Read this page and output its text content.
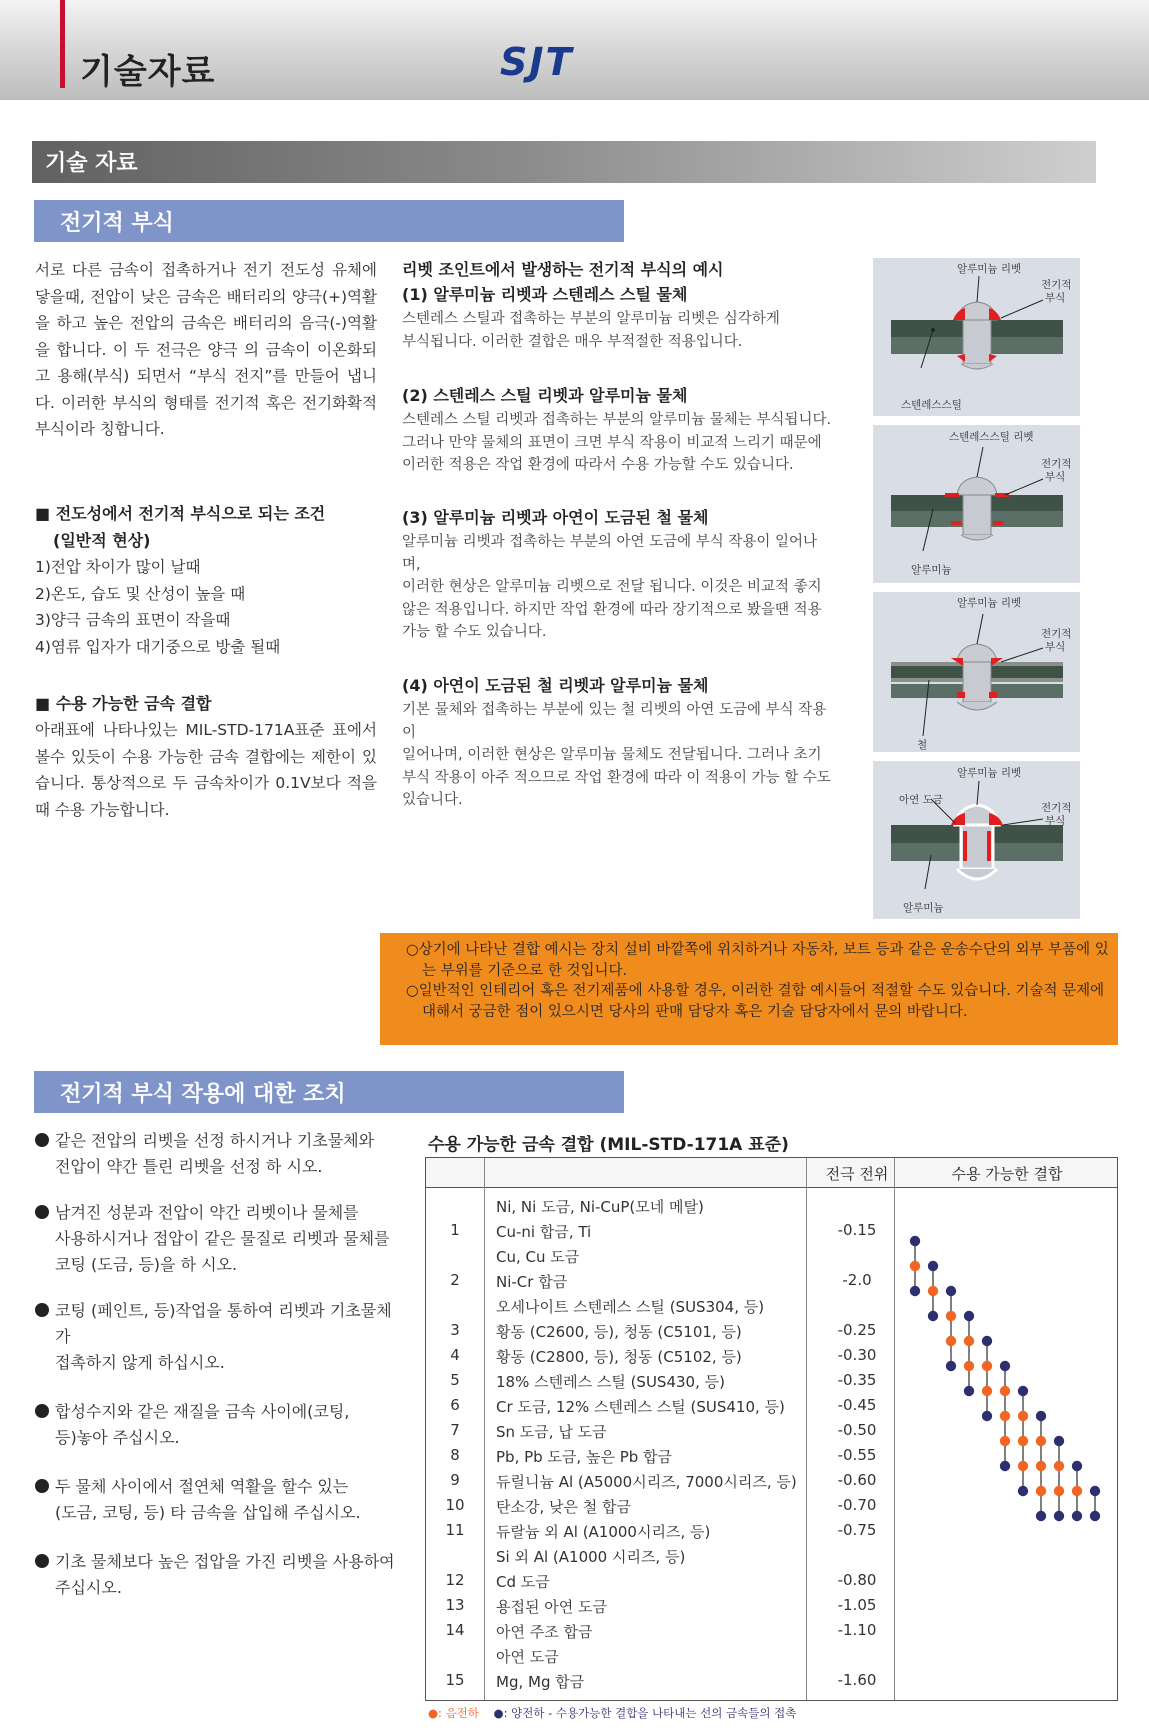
기술자료	SJT
기술 자료
전기적 부식
서로 다른 금속이 접촉하거나 전기 전도성 유체에 닿을때, 전압이 낮은 금속은 배터리의 양극(+)역활을 하고 높은 전압의 금속은 배터리의 음극(-)역활을 합니다. 이 두 전극은 양극 의 금속이 이온화되고 용해(부식) 되면서 “부식 전지”를 만들어 냅니다. 이러한 부식의 형태를 전기적 혹은 전기화확적 부식이라 칭합니다.
■ 전도성에서 전기적 부식으로 되는 조건
(일반적 현상)
1)전압 차이가 많이 날때
2)온도, 습도 및 산성이 높을 때
3)양극 금속의 표면이 작을때
4)염류 입자가 대기중으로 방출 될때
■ 수용 가능한 금속 결합
아래표에 나타나있는 MIL-STD-171A표준 표에서 볼수 있듯이 수용 가능한 금속 결합에는 제한이 있습니다. 통상적으로 두 금속차이가 0.1V보다 적을때 수용 가능합니다.
리벳 조인트에서 발생하는 전기적 부식의 예시
(1) 알루미늄 리벳과 스텐레스 스틸 물체
스텐레스 스틸과 접촉하는 부분의 알루미늄 리벳은 심각하게
부식됩니다. 이러한 결합은 매우 부적절한 적용입니다.
(2) 스텐레스 스틸 리벳과 알루미늄 물체
스텐레스 스틸 리벳과 접촉하는 부분의 알루미늄 물체는 부식됩니다.
그러나 만약 물체의 표면이 크면 부식 작용이 비교적 느리기 때문에
이러한 적용은 작업 환경에 따라서 수용 가능할 수도 있습니다.
(3) 알루미늄 리벳과 아연이 도금된 철 물체
알루미늄 리벳과 접촉하는 부분의 아연 도금에 부식 작용이 일어나며,
이러한 현상은 알루미늄 리벳으로 전달 됩니다. 이것은 비교적 좋지
않은 적용입니다. 하지만 작업 환경에 따라 장기적으로 봤을땐 적용
가능 할 수도 있습니다.
(4) 아연이 도금된 철 리벳과 알루미늄 물체
기본 물체와 접촉하는 부분에 있는 철 리벳의 아연 도금에 부식 작용이
일어나며, 이러한 현상은 알루미늄 물체도 전달됩니다. 그러나 초기
부식 작용이 아주 적으므로 작업 환경에 따라 이 적용이 가능 할 수도
있습니다.
알루미늄 리벳
전기적
부식
스텐레스스틸
스텐레스스틸 리벳
전기적
부식
알루미늄
알루미늄 리벳
전기적
부식
철
알루미늄 리벳
아연 도금
전기적
부식
알루미늄

○상기에 나타난 결합 예시는 장치 설비 바깥쪽에 위치하거나 자동차, 보트 등과 같은 운송수단의 외부 부품에 있는 부위를 기준으로 한 것입니다.

○일반적인 인테리어 혹은 전기제품에 사용할 경우, 이러한 결합 예시들어 적절할 수도 있습니다. 기술적 문제에 대해서 궁금한 점이 있으시면 당사의 판매 담당자 혹은 기술 담당자에서 문의 바랍니다.

전기적 부식 작용에 대한 조치
같은 전압의 리벳을 선정 하시거나 기초물체와
전압이 약간 틀린 리벳을 선정 하 시오.
남겨진 성분과 전압이 약간 리벳이나 물체를
사용하시거나 접압이 같은 물질로 리벳과 물체를
코팅 (도금, 등)을 하 시오.
코팅 (페인트, 등)작업을 통하여 리벳과 기초물체가
접촉하지 않게 하십시오.
합성수지와 같은 재질을 금속 사이에(코팅,
등)놓아 주십시오.
두 물체 사이에서 절연체 역활을 할수 있는
(도금, 코팅, 등) 타 금속을 삽입해 주십시오.
기초 물체보다 높은 접압을 가진 리벳을 사용하여
주십시오.
수용 가능한 금속 결합 (MIL-STD-171A 표준)
전극 전위	수용 가능한 결합
Ni, Ni 도금, Ni-CuP(모네 메탈)
1	Cu-ni 합금, Ti	-0.15
Cu, Cu 도금
2	Ni-Cr 합금	-2.0
오세나이트 스텐레스 스틸 (SUS304, 등)
3	황동 (C2600, 등), 청동 (C5101, 등)	-0.25
4	황동 (C2800, 등), 청동 (C5102, 등)	-0.30
5	18% 스텐레스 스틸 (SUS430, 등)	-0.35
6	Cr 도금, 12% 스텐레스 스틸 (SUS410, 등)	-0.45
7	Sn 도금, 납 도금	-0.50
8	Pb, Pb 도금, 높은 Pb 합금	-0.55
9	듀릴니늄 Al (A5000시리즈, 7000시리즈, 등)	-0.60
10	탄소강, 낮은 철 합금	-0.70
11	듀랄늄 외 Al (A1000시리즈, 등)	-0.75
Si 외 Al (A1000 시리즈, 등)
12	Cd 도금	-0.80
13	용접된 아연 도금	-1.05
14	아연 주조 합금	-1.10
아연 도금
15	Mg, Mg 합금	-1.60
●: 음전하 ●: 양전하 - 수용가능한 결합을 나타내는 선의 금속들의 접촉
